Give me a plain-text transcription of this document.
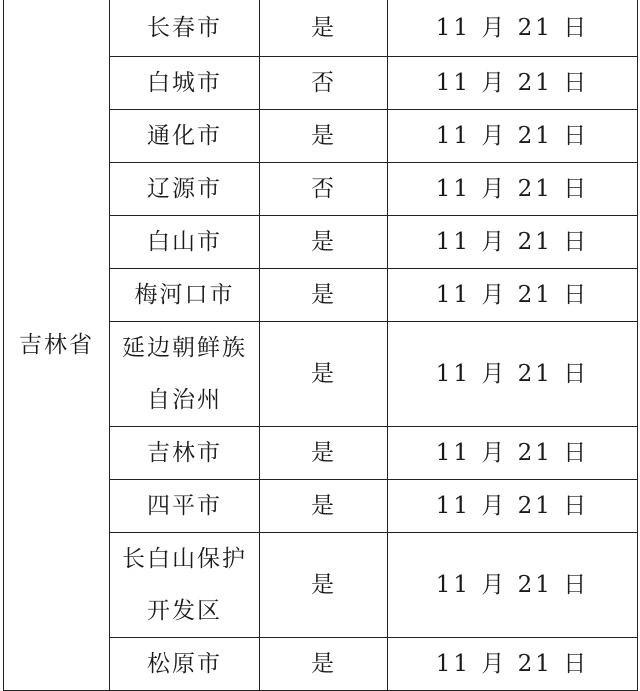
吉林省	长春市	是	11 月 21 日
	白城市	否	11 月 21 日
	通化市	是	11 月 21 日
	辽源市	否	11 月 21 日
	白山市	是	11 月 21 日
	梅河口市	是	11 月 21 日

	延边朝鲜族
自治州	是	11 月 21 日
	吉林市	是	11 月 21 日
	四平市	是	11 月 21 日

	长白山保护
开发区	是	11 月 21 日
	松原市	是	11 月 21 日
